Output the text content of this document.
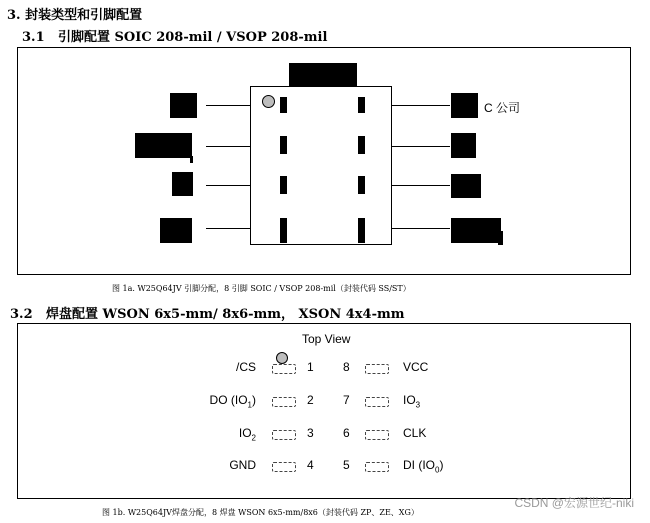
3. 封装类型和引脚配置
3.1 引脚配置 SOIC 208-mil / VSOP 208-mil
C 公司
图 1a. W25Q64JV 引脚分配，8 引脚 SOIC / VSOP 208-mil（封装代码 SS/ST）
3.2 焊盘配置 WSON 6x5-mm/ 8x6-mm， XSON 4x4-mm
Top View
/CS
DO $(IO_1)$
$IO_2$
GND
1
2
3
4
8
7
6
5
VCC
$IO_3$
CLK
DI $(IO_0)$
图 1b. W25Q64JV焊盘分配，8 焊盘 WSON 6x5-mm/8x6（封装代码 ZP、ZE、XG）
CSDN @宏源世纪-niki
